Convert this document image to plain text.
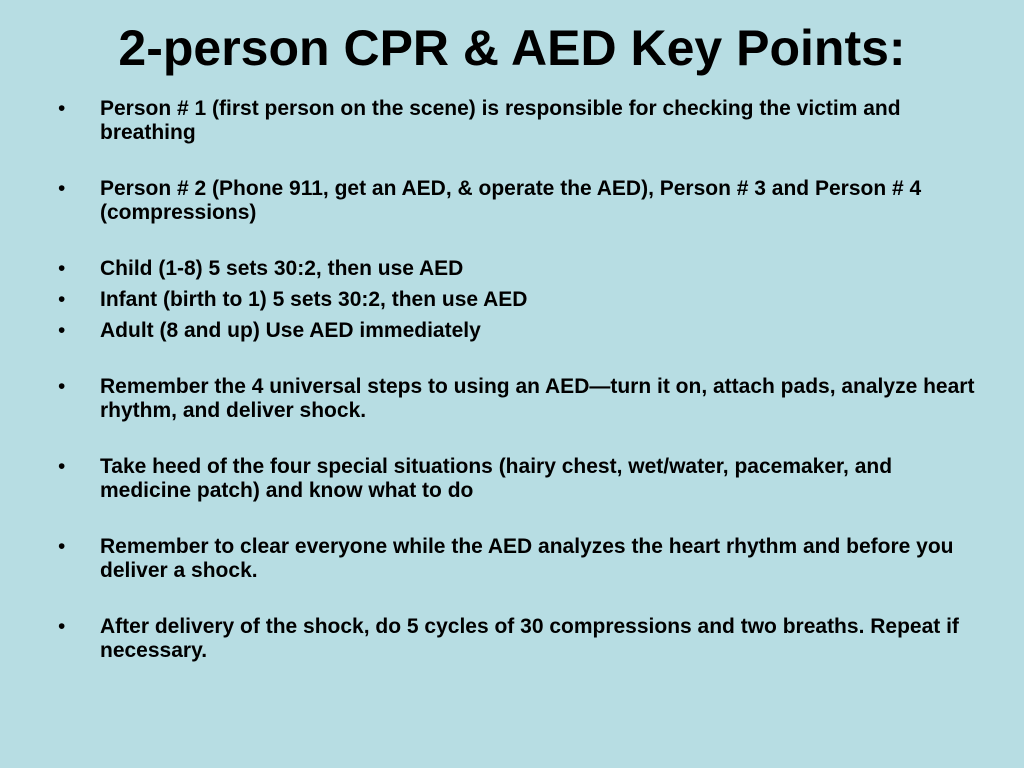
2-person CPR & AED Key Points:
•	Person # 1 (first person on the scene) is responsible for checking the victim and breathing
•	Person # 2 (Phone 911, get an AED, & operate the AED), Person # 3 and Person # 4 (compressions)
•	Child (1-8) 5 sets 30:2, then use AED
•	Infant (birth to 1) 5 sets 30:2, then use AED
•	Adult (8 and up) Use AED immediately
•	Remember the 4 universal steps to using an AED—turn it on, attach pads, analyze heart rhythm, and deliver shock.
•	Take heed of the four special situations (hairy chest, wet/water, pacemaker, and medicine patch) and know what to do
•	Remember to clear everyone while the AED analyzes the heart rhythm and before you deliver a shock.
•	After delivery of the shock, do 5 cycles of 30 compressions and two breaths. Repeat if necessary.
